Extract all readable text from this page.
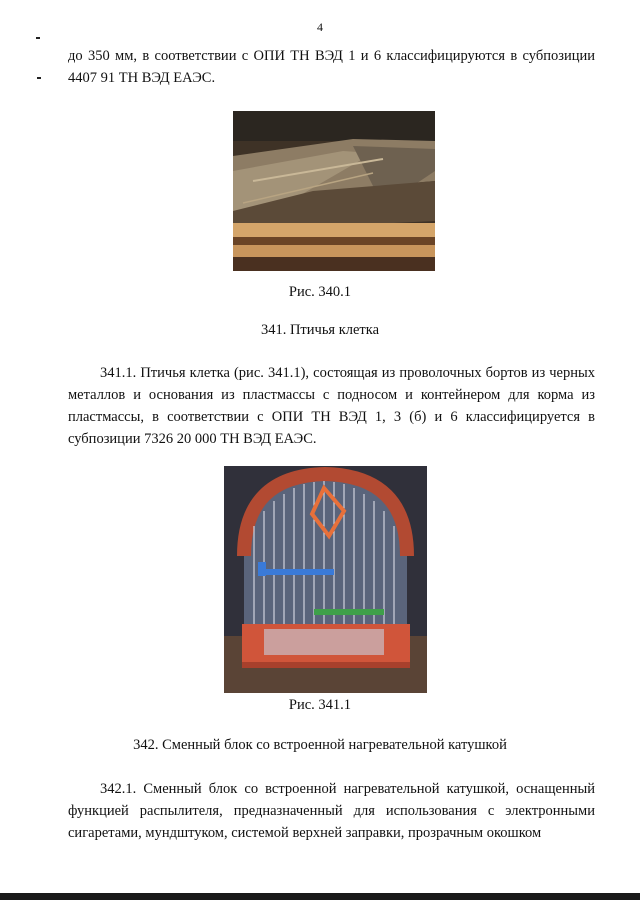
4
до 350 мм, в соответствии с ОПИ ТН ВЭД 1 и 6 классифицируются в субпозиции 4407 91 ТН ВЭД ЕАЭС.
Рис. 340.1
341. Птичья клетка
341.1. Птичья клетка (рис. 341.1), состоящая из проволочных бортов из черных металлов и основания из пластмассы с подносом и контейнером для корма из пластмассы, в соответствии с ОПИ ТН ВЭД 1, 3 (б) и 6 классифицируется в субпозиции 7326 20 000 ТН ВЭД ЕАЭС.
Рис. 341.1
342. Сменный блок со встроенной нагревательной катушкой
342.1. Сменный блок со встроенной нагревательной катушкой, оснащенный функцией распылителя, предназначенный для использования с электронными сигаретами, мундштуком, системой верхней заправки, прозрачным окошком
